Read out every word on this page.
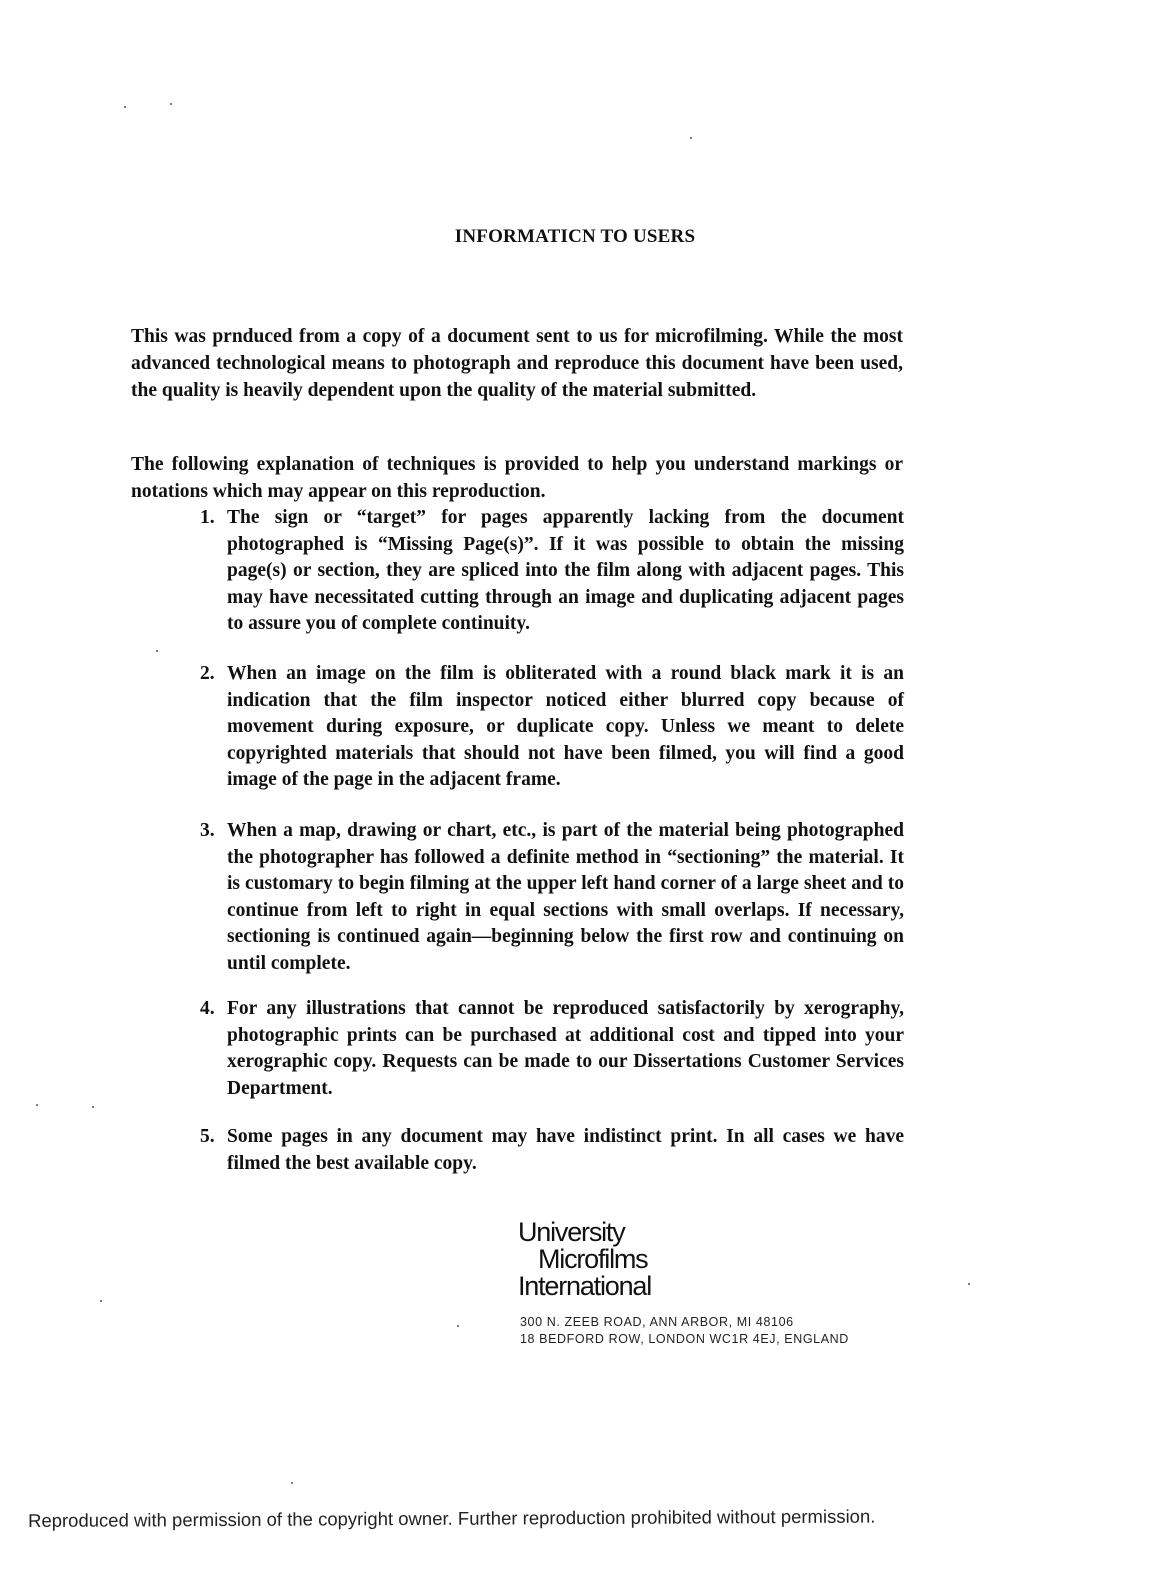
INFORMATICN TO USERS

This was prnduced from a copy of a document sent to us for microfilming. While the most advanced technological means to photograph and reproduce this document have been used, the quality is heavily dependent upon the quality of the material submitted.

The following explanation of techniques is provided to help you understand markings or notations which may appear on this reproduction.

1. The sign or “target” for pages apparently lacking from the document photographed is “Missing Page(s)”. If it was possible to obtain the missing page(s) or section, they are spliced into the film along with adjacent pages. This may have necessitated cutting through an image and duplicating adjacent pages to assure you of complete continuity.
2. When an image on the film is obliterated with a round black mark it is an indication that the film inspector noticed either blurred copy because of movement during exposure, or duplicate copy. Unless we meant to delete copyrighted materials that should not have been filmed, you will find a good image of the page in the adjacent frame.
3. When a map, drawing or chart, etc., is part of the material being photographed the photographer has followed a definite method in “sectioning” the material. It is customary to begin filming at the upper left hand corner of a large sheet and to continue from left to right in equal sections with small overlaps. If necessary, sectioning is continued again—beginning below the first row and continuing on until complete.
4. For any illustrations that cannot be reproduced satisfactorily by xerography, photographic prints can be purchased at additional cost and tipped into your xerographic copy. Requests can be made to our Dissertations Customer Services Department.
5. Some pages in any document may have indistinct print. In all cases we have filmed the best available copy.
University
Microfilms
International
300 N. ZEEB ROAD, ANN ARBOR, MI 48106
18 BEDFORD ROW, LONDON WC1R 4EJ, ENGLAND
Reproduced with permission of the copyright owner. Further reproduction prohibited without permission.
